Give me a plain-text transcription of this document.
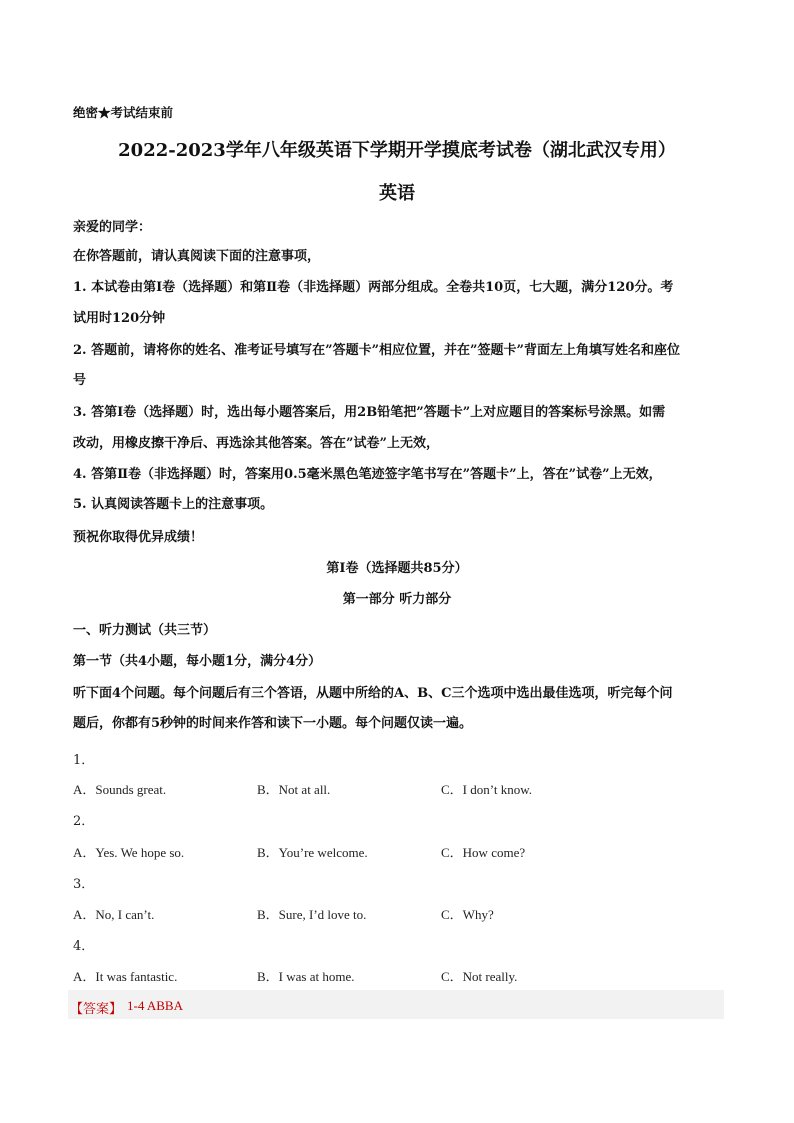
绝密★考试结束前
2022-2023学年八年级英语下学期开学摸底考试卷（湖北武汉专用）
英语
亲爱的同学：
在你答题前，请认真阅读下面的注意事项，
1. 本试卷由第Ⅰ卷（选择题）和第Ⅱ卷（非选择题）两部分组成。全卷共10页，七大题，满分120分。考
试用时120分钟
2. 答题前，请将你的姓名、准考证号填写在”答题卡”相应位置，并在”签题卡”背面左上角填写姓名和座位
号
3. 答第Ⅰ卷（选择题）时，选出每小题答案后，用2B铅笔把”答题卡”上对应题目的答案标号涂黑。如需
改动，用橡皮擦干净后、再选涂其他答案。答在”试卷”上无效，
4. 答第Ⅱ卷（非选择题）时，答案用0.5毫米黑色笔迹签字笔书写在”答题卡”上，答在”试卷”上无效，
5. 认真阅读答题卡上的注意事项。
预祝你取得优异成绩！
第Ⅰ卷（选择题共85分）
第一部分 听力部分
一、听力测试（共三节）
第一节（共4小题，每小题1分，满分4分）
听下面4个问题。每个问题后有三个答语，从题中所给的A、B、C三个选项中选出最佳选项，听完每个问
题后，你都有5秒钟的时间来作答和读下一小题。每个问题仅读一遍。
1．
A．Sounds great.	B．Not at all.	C．I don’t know.
2．
A．Yes. We hope so.	B．You’re welcome.	C．How come?
3．
A．No, I can’t.	B．Sure, I’d love to.	C．Why?
4．
A．It was fantastic.	B．I was at home.	C．Not really.
【答案】 1-4 ABBA
